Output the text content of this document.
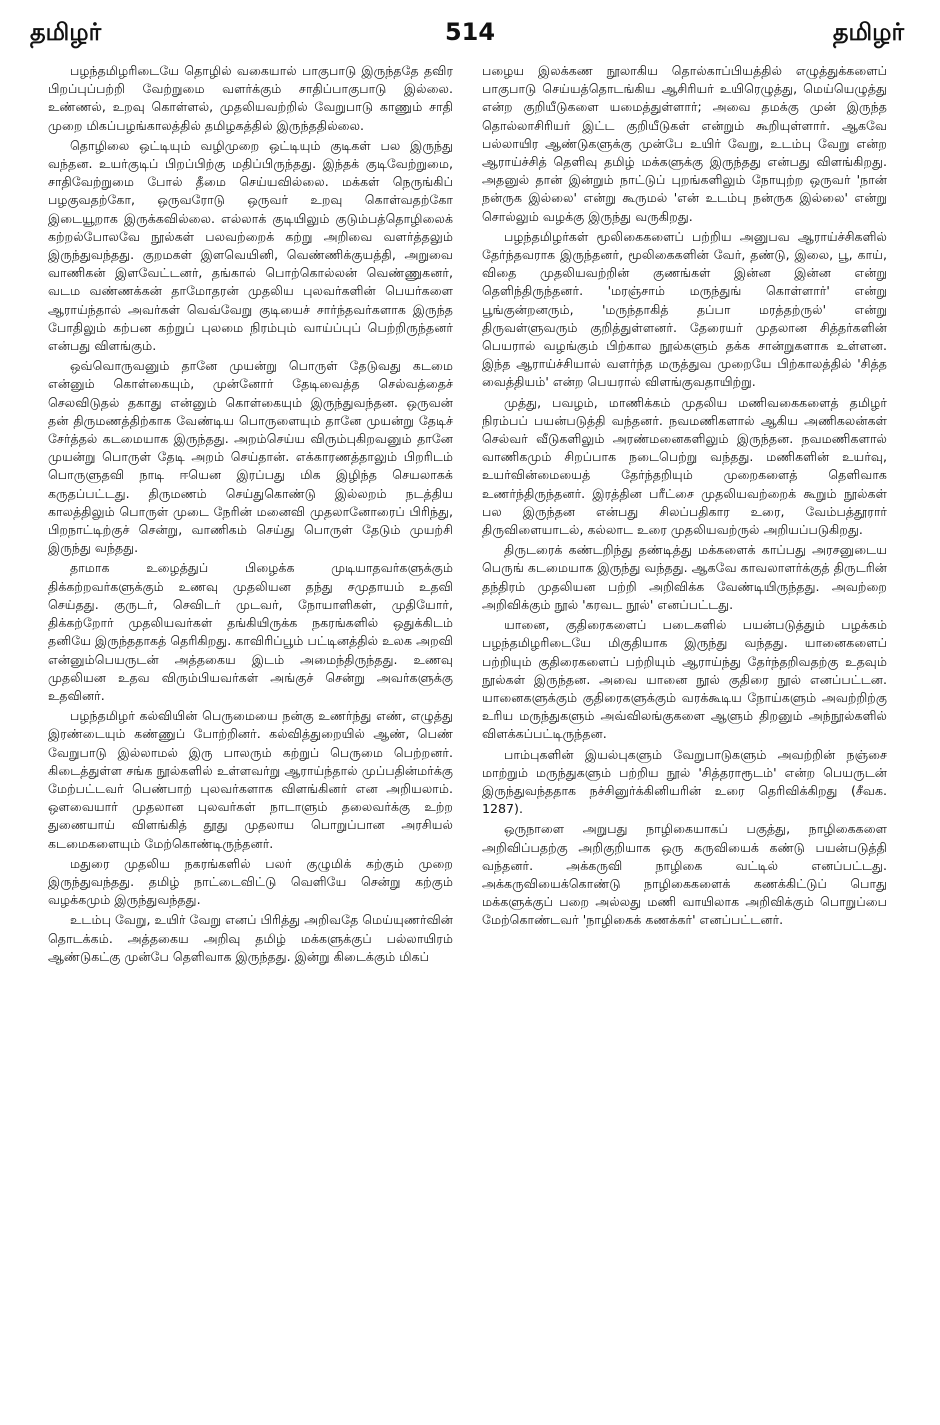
514
தமிழர்	தமிழர்

பழந்தமிழரிடையே தொழில் வகையால் பாகுபாடு இருந்ததே தவிர பிறப்புப்பற்றி வேற்றுமை வளர்க்கும் சாதிப்பாகுபாடு இல்லை. உண்ணல், உறவு கொள்ளல், முதலியவற்றில் வேறுபாடு காணும் சாதி முறை மிகப்பழங்காலத்தில் தமிழகத்தில் இருந்ததில்லை.

தொழிலை ஒட்டியும் வழிமுறை ஒட்டியும் குடிகள் பல இருந்து வந்தன. உயர்குடிப் பிறப்பிற்கு மதிப்பிருந்தது. இந்தக் குடிவேற்றுமை, சாதிவேற்றுமை போல் தீமை செய்யவில்லை. மக்கள் நெருங்கிப் பழகுவதற்கோ, ஒருவரோடு ஒருவர் உறவு கொள்வதற்கோ இடையூறாக இருக்கவில்லை. எல்லாக் குடியிலும் குடும்பத்தொழிலைக் கற்றல்போலவே நூல்கள் பலவற்றைக் கற்று அறிவை வளர்த்தலும் இருந்துவந்தது. குறமகள் இளவெயினி, வெண்ணிக்குயத்தி, அறுவை வாணிகன் இளவேட்டனர், தங்கால் பொற்கொல்லன் வெண்ணுகனர், வடம வண்ணக்கன் தாமோதரன் முதலிய புலவர்களின் பெயர்களை ஆராய்ந்தால் அவர்கள் வெவ்வேறு குடியைச் சார்ந்தவர்களாக இருந்த போதிலும் கற்பன கற்றுப் புலமை நிரம்பும் வாய்ப்புப் பெற்றிருந்தனர் என்பது விளங்கும்.

ஒவ்வொருவனும் தானே முயன்று பொருள் தேடுவது கடமை என்னும் கொள்கையும், முன்னோர் தேடிவைத்த செல்வத்தைச் செலவிடுதல் தகாது என்னும் கொள்கையும் இருந்துவந்தன. ஒருவன் தன் திருமணத்திற்காக வேண்டிய பொருளையும் தானே முயன்று தேடிச் சேர்த்தல் கடமையாக இருந்தது. அறம்செய்ய விரும்புகிறவனும் தானே முயன்று பொருள் தேடி அறம் செய்தான். எக்காரணத்தாலும் பிறரிடம் பொருளுதவி நாடி ஈயென இரப்பது மிக இழிந்த செயலாகக் கருதப்பட்டது. திருமணம் செய்துகொண்டு இல்லறம் நடத்திய காலத்திலும் பொருள் முடை நேரின் மனைவி முதலானோரைப் பிரிந்து, பிறநாட்டிற்குச் சென்று, வாணிகம் செய்து பொருள் தேடும் முயற்சி இருந்து வந்தது.

தாமாக உழைத்துப் பிழைக்க முடியாதவர்களுக்கும் திக்கற்றவர்களுக்கும் உணவு முதலியன தந்து சமுதாயம் உதவி செய்தது. குருடர், செவிடர் முடவர், நோயாளிகள், முதியோர், திக்கற்றோர் முதலியவர்கள் தங்கியிருக்க நகரங்களில் ஒதுக்கிடம் தனியே இருந்ததாகத் தெரிகிறது. காவிரிப்பூம் பட்டினத்தில் உலக அறவி என்னும்பெயருடன் அத்தகைய இடம் அமைந்திருந்தது. உணவு முதலியன உதவ விரும்பியவர்கள் அங்குச் சென்று அவர்களுக்கு உதவினர்.

பழந்தமிழர் கல்வியின் பெருமையை நன்கு உணர்ந்து எண், எழுத்து இரண்டையும் கண்ணுப் போற்றினர். கல்வித்துறையில் ஆண், பெண் வேறுபாடு இல்லாமல் இரு பாலரும் கற்றுப் பெருமை பெற்றனர். கிடைத்துள்ள சங்க நூல்களில் உள்ளவர்று ஆராய்ந்தால் முப்பதின்மர்க்கு மேற்பட்டவர் பெண்பாற் புலவர்களாக விளங்கினர் என அறியலாம். ஒளவையார் முதலான புலவர்கள் நாடாளும் தலைவர்க்கு உற்ற துணையாய் விளங்கித் தூது முதலாய பொறுப்பான அரசியல் கடமைகளையும் மேற்கொண்டிருந்தனர்.

மதுரை முதலிய நகரங்களில் பலர் குழுமிக் கற்கும் முறை இருந்துவந்தது. தமிழ் நாட்டைவிட்டு வெளியே சென்று கற்கும் வழக்கமும் இருந்துவந்தது.

உடம்பு வேறு, உயிர் வேறு எனப் பிரித்து அறிவதே மெய்யுணர்வின் தொடக்கம். அத்தகைய அறிவு தமிழ் மக்களுக்குப் பல்லாயிரம் ஆண்டுகட்கு முன்பே தெளிவாக இருந்தது. இன்று கிடைக்கும் மிகப்

பழைய இலக்கண நூலாகிய தொல்காப்பியத்தில் எழுத்துக்களைப் பாகுபாடு செய்யத்தொடங்கிய ஆசிரியர் உயிரெழுத்து, மெய்யெழுத்து என்ற குறியீடுகளை யமைத்துள்ளார்; அவை தமக்கு முன் இருந்த தொல்லாசிரியர் இட்ட குறியீடுகள் என்றும் கூறியுள்ளார். ஆகவே பல்லாயிர ஆண்டுகளுக்கு முன்பே உயிர் வேறு, உடம்பு வேறு என்ற ஆராய்ச்சித் தெளிவு தமிழ் மக்களுக்கு இருந்தது என்பது விளங்கிறது. அதனுல் தான் இன்றும் நாட்டுப் புறங்களிலும் நோயுற்ற ஒருவர் 'நான் நன்ருக இல்லை' என்று கூருமல் 'என் உடம்பு நன்ருக இல்லை' என்று சொல்லும் வழக்கு இருந்து வருகிறது.

பழந்தமிழர்கள் மூலிகைகளைப் பற்றிய அனுபவ ஆராய்ச்சிகளில் தேர்ந்தவராக இருந்தனர், மூலிகைகளின் வேர், தண்டு, இலை, பூ, காய், விதை முதலியவற்றின் குணங்கள் இன்ன இன்ன என்று தெளிந்திருந்தனர். 'மரஞ்சாம் மருந்துங் கொள்ளார்' என்று பூங்குன்றனரும், 'மருந்தாகித் தப்பா மரத்தற்ருல்' என்று திருவள்ளுவரும் குறித்துள்ளனர். தேரையர் முதலான சித்தர்களின் பெயரால் வழங்கும் பிற்கால நூல்களும் தக்க சான்றுகளாக உள்ளன. இந்த ஆராய்ச்சியால் வளர்ந்த மருத்துவ முறையே பிற்காலத்தில் 'சித்த வைத்தியம்' என்ற பெயரால் விளங்குவதாயிற்று.

முத்து, பவழம், மாணிக்கம் முதலிய மணிவகைகளைத் தமிழர் நிரம்பப் பயன்படுத்தி வந்தனர். நவமணிகளால் ஆகிய அணிகலன்கள் செல்வர் வீடுகளிலும் அரண்மனைகளிலும் இருந்தன. நவமணிகளால் வாணிகமும் சிறப்பாக நடைபெற்று வந்தது. மணிகளின் உயர்வு, உயர்வின்மையைத் தேர்ந்தறியும் முறைகளைத் தெளிவாக உணர்ந்திருந்தனர். இரத்தின பரீட்சை முதலியவற்றைக் கூறும் நூல்கள் பல இருந்தன என்பது சிலப்பதிகார உரை, வேம்பத்தூரார் திருவிளையாடல், கல்லாட உரை முதலியவற்ருல் அறியப்படுகிறது.

திருடரைக் கண்டறிந்து தண்டித்து மக்களைக் காப்பது அரசனுடைய பெருங் கடமையாக இருந்து வந்தது. ஆகவே காவலாளர்க்குத் திருடரின் தந்திரம் முதலியன பற்றி அறிவிக்க வேண்டியிருந்தது. அவற்றை அறிவிக்கும் நூல் 'கரவட நூல்' எனப்பட்டது.

யானை, குதிரைகளைப் படைகளில் பயன்படுத்தும் பழக்கம் பழந்தமிழரிடையே மிகுதியாக இருந்து வந்தது. யானைகளைப் பற்றியும் குதிரைகளைப் பற்றியும் ஆராய்ந்து தேர்ந்தறிவதற்கு உதவும் நூல்கள் இருந்தன. அவை யானை நூல் குதிரை நூல் எனப்பட்டன. யானைகளுக்கும் குதிரைகளுக்கும் வரக்கூடிய நோய்களும் அவற்றிற்கு உரிய மருந்துகளும் அவ்விலங்குகளை ஆளும் திறனும் அந்நூல்களில் விளக்கப்பட்டிருந்தன.

பாம்புகளின் இயல்புகளும் வேறுபாடுகளும் அவற்றின் நஞ்சை மாற்றும் மருந்துகளும் பற்றிய நூல் 'சித்தராரூடம்' என்ற பெயருடன் இருந்துவந்ததாக நச்சினுர்க்கினியரின் உரை தெரிவிக்கிறது (சீவக. 1287).

ஒருநாளை அறுபது நாழிகையாகப் பகுத்து, நாழிகைகளை அறிவிப்பதற்கு அறிகுறியாக ஒரு கருவியைக் கண்டு பயன்படுத்தி வந்தனர். அக்கருவி நாழிகை வட்டில் எனப்பட்டது. அக்கருவியைக்கொண்டு நாழிகைகளைக் கணக்கிட்டுப் பொது மக்களுக்குப் பறை அல்லது மணி வாயிலாக அறிவிக்கும் பொறுப்பை மேற்கொண்டவர் 'நாழிகைக் கணக்கர்' எனப்பட்டனர்.
